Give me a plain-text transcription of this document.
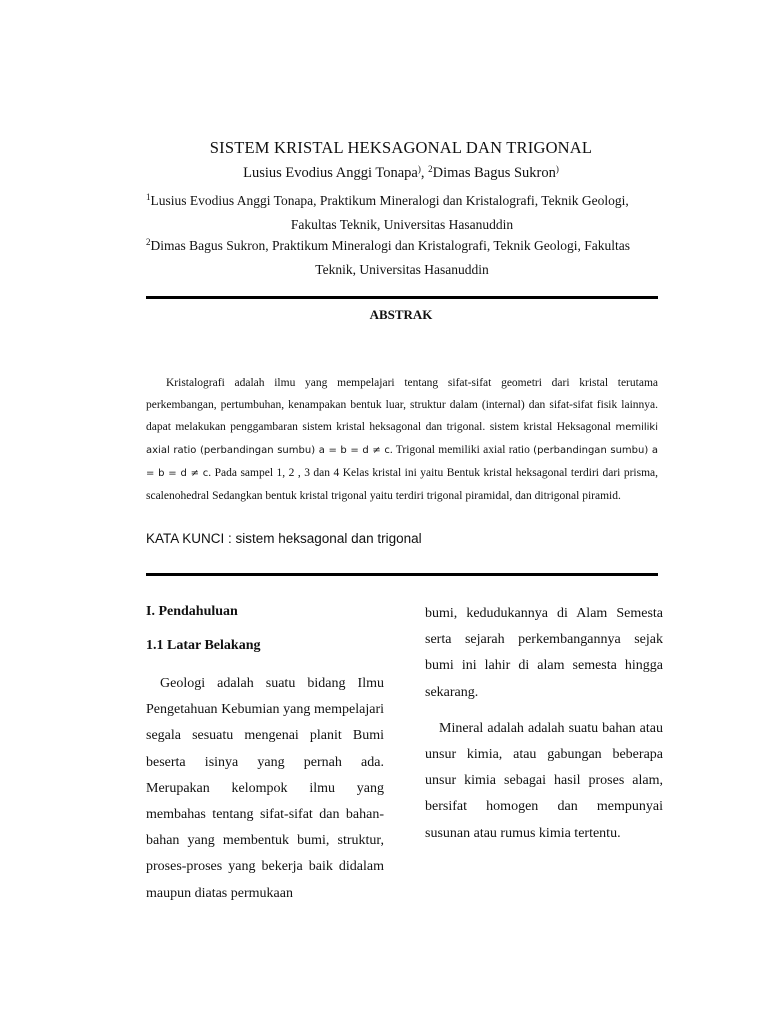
SISTEM KRISTAL HEKSAGONAL DAN TRIGONAL
Lusius Evodius Anggi Tonapa), $^2$Dimas Bagus Sukron)
$^1$Lusius Evodius Anggi Tonapa, Praktikum Mineralogi dan Kristalografi, Teknik Geologi,
Fakultas Teknik, Universitas Hasanuddin
$^2$Dimas Bagus Sukron, Praktikum Mineralogi dan Kristalografi, Teknik Geologi, Fakultas
Teknik, Universitas Hasanuddin
ABSTRAK

Kristalografi adalah ilmu yang mempelajari tentang sifat-sifat geometri dari kristal terutama perkembangan, pertumbuhan, kenampakan bentuk luar, struktur dalam (internal) dan sifat-sifat fisik lainnya. dapat melakukan penggambaran sistem kristal heksagonal dan trigonal. sistem kristal Heksagonal memiliki axial ratio (perbandingan sumbu) a = b = d ≠ c. Trigonal memiliki axial ratio (perbandingan sumbu) a = b = d ≠ c. Pada sampel 1, 2 , 3 dan 4 Kelas kristal ini yaitu Bentuk kristal heksagonal terdiri dari prisma, scalenohedral Sedangkan bentuk kristal trigonal yaitu terdiri trigonal piramidal, dan ditrigonal piramid.

KATA KUNCI : sistem heksagonal dan trigonal
I. Pendahuluan
1.1 Latar Belakang

Geologi adalah suatu bidang Ilmu Pengetahuan Kebumian yang mempelajari segala sesuatu mengenai planit Bumi beserta isinya yang pernah ada. Merupakan kelompok ilmu yang membahas tentang sifat-sifat dan bahan-bahan yang membentuk bumi, struktur, proses-proses yang bekerja baik didalam maupun diatas permukaan

bumi, kedudukannya di Alam Semesta serta sejarah perkembangannya sejak bumi ini lahir di alam semesta hingga sekarang.

Mineral adalah adalah suatu bahan atau unsur kimia, atau gabungan beberapa unsur kimia sebagai hasil proses alam, bersifat homogen dan mempunyai susunan atau rumus kimia tertentu.
